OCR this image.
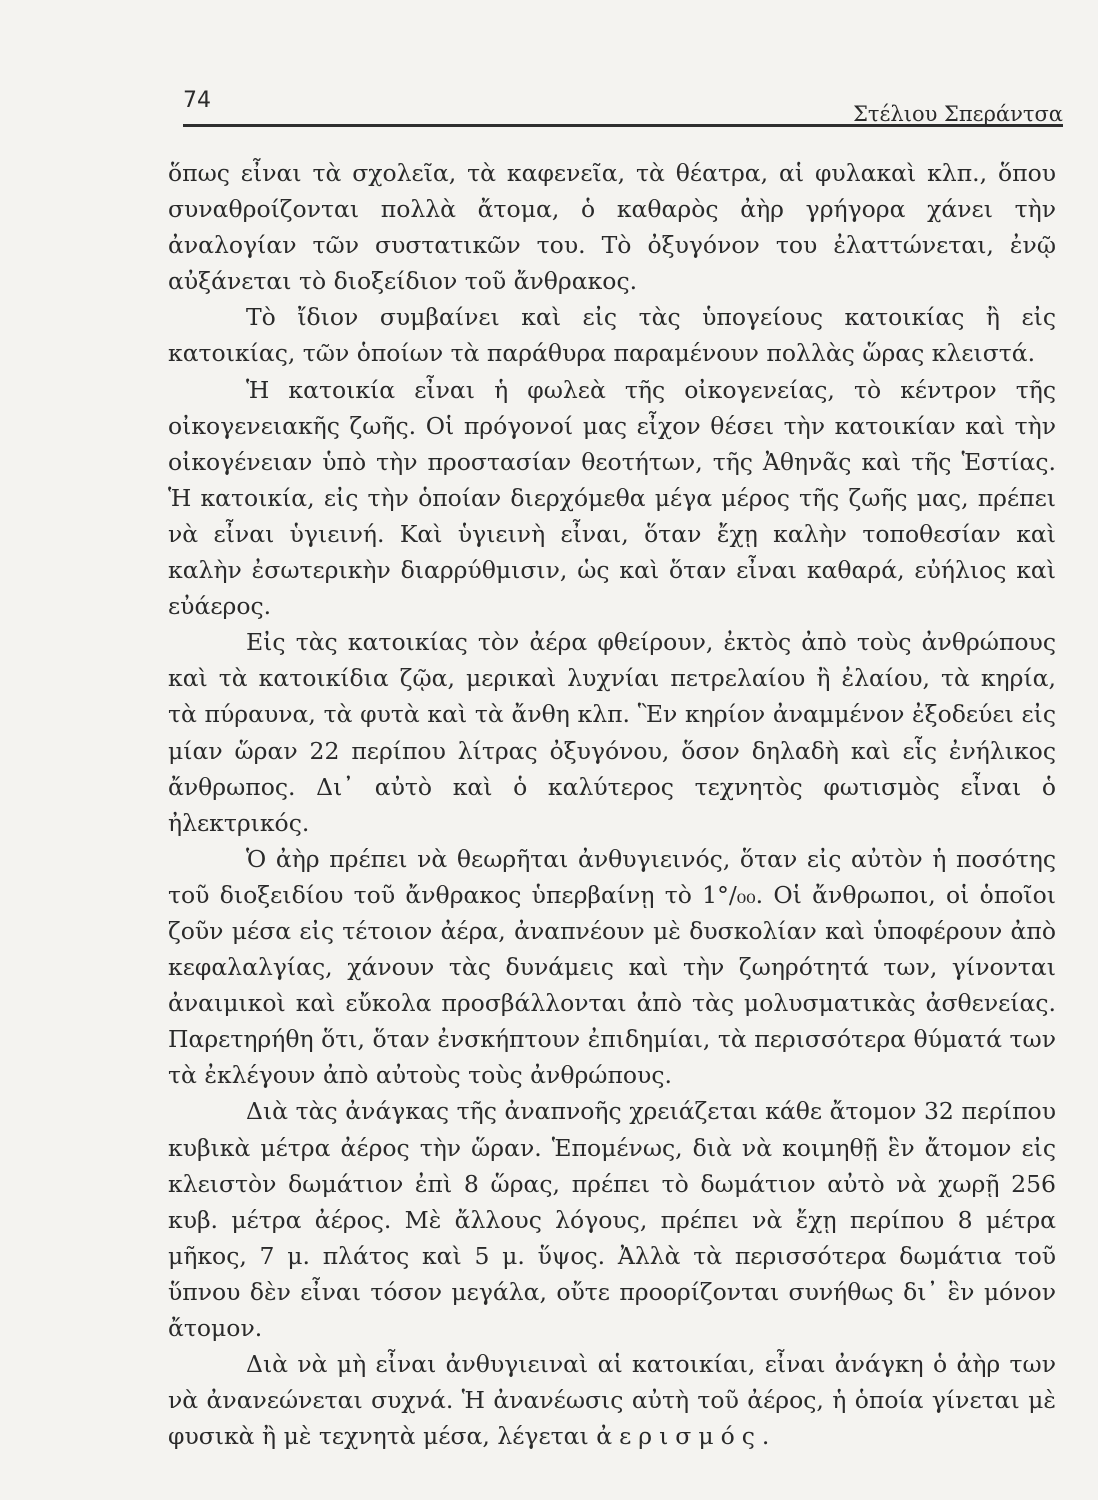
74
Στέλιου Σπεράντσα

ὅπως εἶναι τὰ σχολεῖα, τὰ καφενεῖα, τὰ θέατρα, αἱ φυλακαὶ κλπ., ὅπου συναθροίζονται πολλὰ ἄτομα, ὁ καθαρὸς ἀὴρ γρήγορα χάνει τὴν ἀναλογίαν τῶν συστατικῶν του. Τὸ ὀξυγόνον του ἐλαττώνεται, ἐνῷ αὐξάνεται τὸ διοξείδιον τοῦ ἄνθρακος.

Τὸ ἴδιον συμβαίνει καὶ εἰς τὰς ὑπογείους κατοικίας ἢ εἰς κατοικίας, τῶν ὁποίων τὰ παράθυρα παραμένουν πολλὰς ὥρας κλειστά.

Ἡ κατοικία εἶναι ἡ φωλεὰ τῆς οἰκογενείας, τὸ κέντρον τῆς οἰκογενειακῆς ζωῆς. Οἱ πρόγονοί μας εἶχον θέσει τὴν κατοικίαν καὶ τὴν οἰκογένειαν ὑπὸ τὴν προστασίαν θεοτήτων, τῆς Ἀθηνᾶς καὶ τῆς Ἑστίας. Ἡ κατοικία, εἰς τὴν ὁποίαν διερχόμεθα μέγα μέρος τῆς ζωῆς μας, πρέπει νὰ εἶναι ὑγιεινή. Καὶ ὑγιεινὴ εἶναι, ὅταν ἔχῃ καλὴν τοποθεσίαν καὶ καλὴν ἐσωτερικὴν διαρρύθμισιν, ὡς καὶ ὅταν εἶναι καθαρά, εὐήλιος καὶ εὐάερος.

Εἰς τὰς κατοικίας τὸν ἀέρα φθείρουν, ἐκτὸς ἀπὸ τοὺς ἀνθρώπους καὶ τὰ κατοικίδια ζῷα, μερικαὶ λυχνίαι πετρελαίου ἢ ἐλαίου, τὰ κηρία, τὰ πύραυνα, τὰ φυτὰ καὶ τὰ ἄνθη κλπ. Ἓν κηρίον ἀναμμένον ἐξοδεύει εἰς μίαν ὥραν 22 περίπου λίτρας ὀξυγόνου, ὅσον δηλαδὴ καὶ εἷς ἐνήλικος ἄνθρωπος. Δι᾿ αὐτὸ καὶ ὁ καλύτερος τεχνητὸς φωτισμὸς εἶναι ὁ ἠλεκτρικός.

Ὁ ἀὴρ πρέπει νὰ θεωρῆται ἀνθυγιεινός, ὅταν εἰς αὐτὸν ἡ ποσότης τοῦ διοξειδίου τοῦ ἄνθρακος ὑπερβαίνῃ τὸ 1°/₀₀. Οἱ ἄνθρωποι, οἱ ὁποῖοι ζοῦν μέσα εἰς τέτοιον ἀέρα, ἀναπνέουν μὲ δυσκολίαν καὶ ὑποφέρουν ἀπὸ κεφαλαλγίας, χάνουν τὰς δυνάμεις καὶ τὴν ζωηρότητά των, γίνονται ἀναιμικοὶ καὶ εὔκολα προσβάλλονται ἀπὸ τὰς μολυσματικὰς ἀσθενείας. Παρετηρήθη ὅτι, ὅταν ἐνσκήπτουν ἐπιδημίαι, τὰ περισσότερα θύματά των τὰ ἐκλέγουν ἀπὸ αὐτοὺς τοὺς ἀνθρώπους.

Διὰ τὰς ἀνάγκας τῆς ἀναπνοῆς χρειάζεται κάθε ἄτομον 32 περίπου κυβικὰ μέτρα ἀέρος τὴν ὥραν. Ἑπομένως, διὰ νὰ κοιμηθῇ ἓν ἄτομον εἰς κλειστὸν δωμάτιον ἐπὶ 8 ὥρας, πρέπει τὸ δωμάτιον αὐτὸ νὰ χωρῇ 256 κυβ. μέτρα ἀέρος. Μὲ ἄλλους λόγους, πρέπει νὰ ἔχῃ περίπου 8 μέτρα μῆκος, 7 μ. πλάτος καὶ 5 μ. ὕψος. Ἀλλὰ τὰ περισσότερα δωμάτια τοῦ ὕπνου δὲν εἶναι τόσον μεγάλα, οὔτε προορίζονται συνήθως δι᾿ ἓν μόνον ἄτομον.

Διὰ νὰ μὴ εἶναι ἀνθυγιειναὶ αἱ κατοικίαι, εἶναι ἀνάγκη ὁ ἀὴρ των νὰ ἀνανεώνεται συχνά. Ἡ ἀνανέωσις αὐτὴ τοῦ ἀέρος, ἡ ὁποία γίνεται μὲ φυσικὰ ἢ μὲ τεχνητὰ μέσα, λέγεται ἀερισμός.
